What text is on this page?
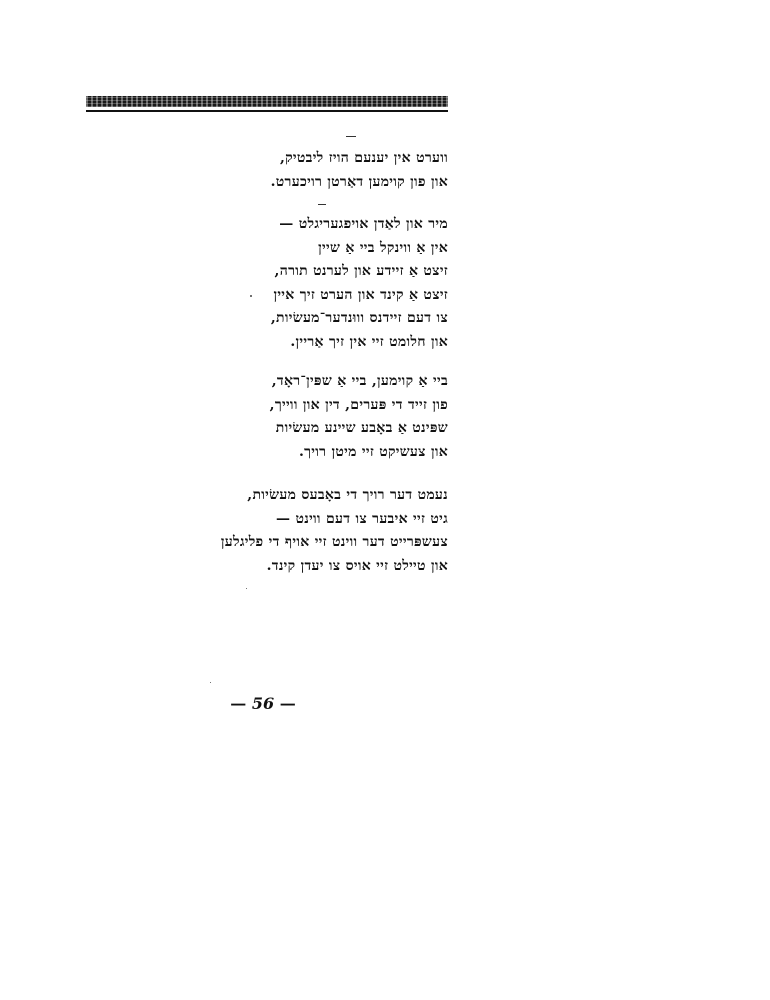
ווערט אין יענעם הויז ליבטיק,
און פון קוימען דאַרטן רויכערט.
מיר און לאַדן אויפגעריגלט —
אין אַ ווינקל ביי אַ שיין
זיצט אַ זיידע און לערנט תורה,
זיצט אַ קינד און הערט זיך איין
צו דעם זיידנס וווּנדער־מעשׂיות,
און חלומט זיי אין זיך אַריין.
ביי אַ קוימען, ביי אַ שפּין־ראָד,
פון זייד די פּערים, דין און ווייך,
שפּינט אַ באָבע שיינע מעשׂיות
און צעשיקט זיי מיטן רויך.
נעמט דער רויך די באָבעס מעשׂיות,
גיט זיי איבער צו דעם ווינט —
צעשפּרייט דער ווינט זיי אויף די פליגלען
און טיילט זיי אויס צו יעדן קינד.
— 56 —
